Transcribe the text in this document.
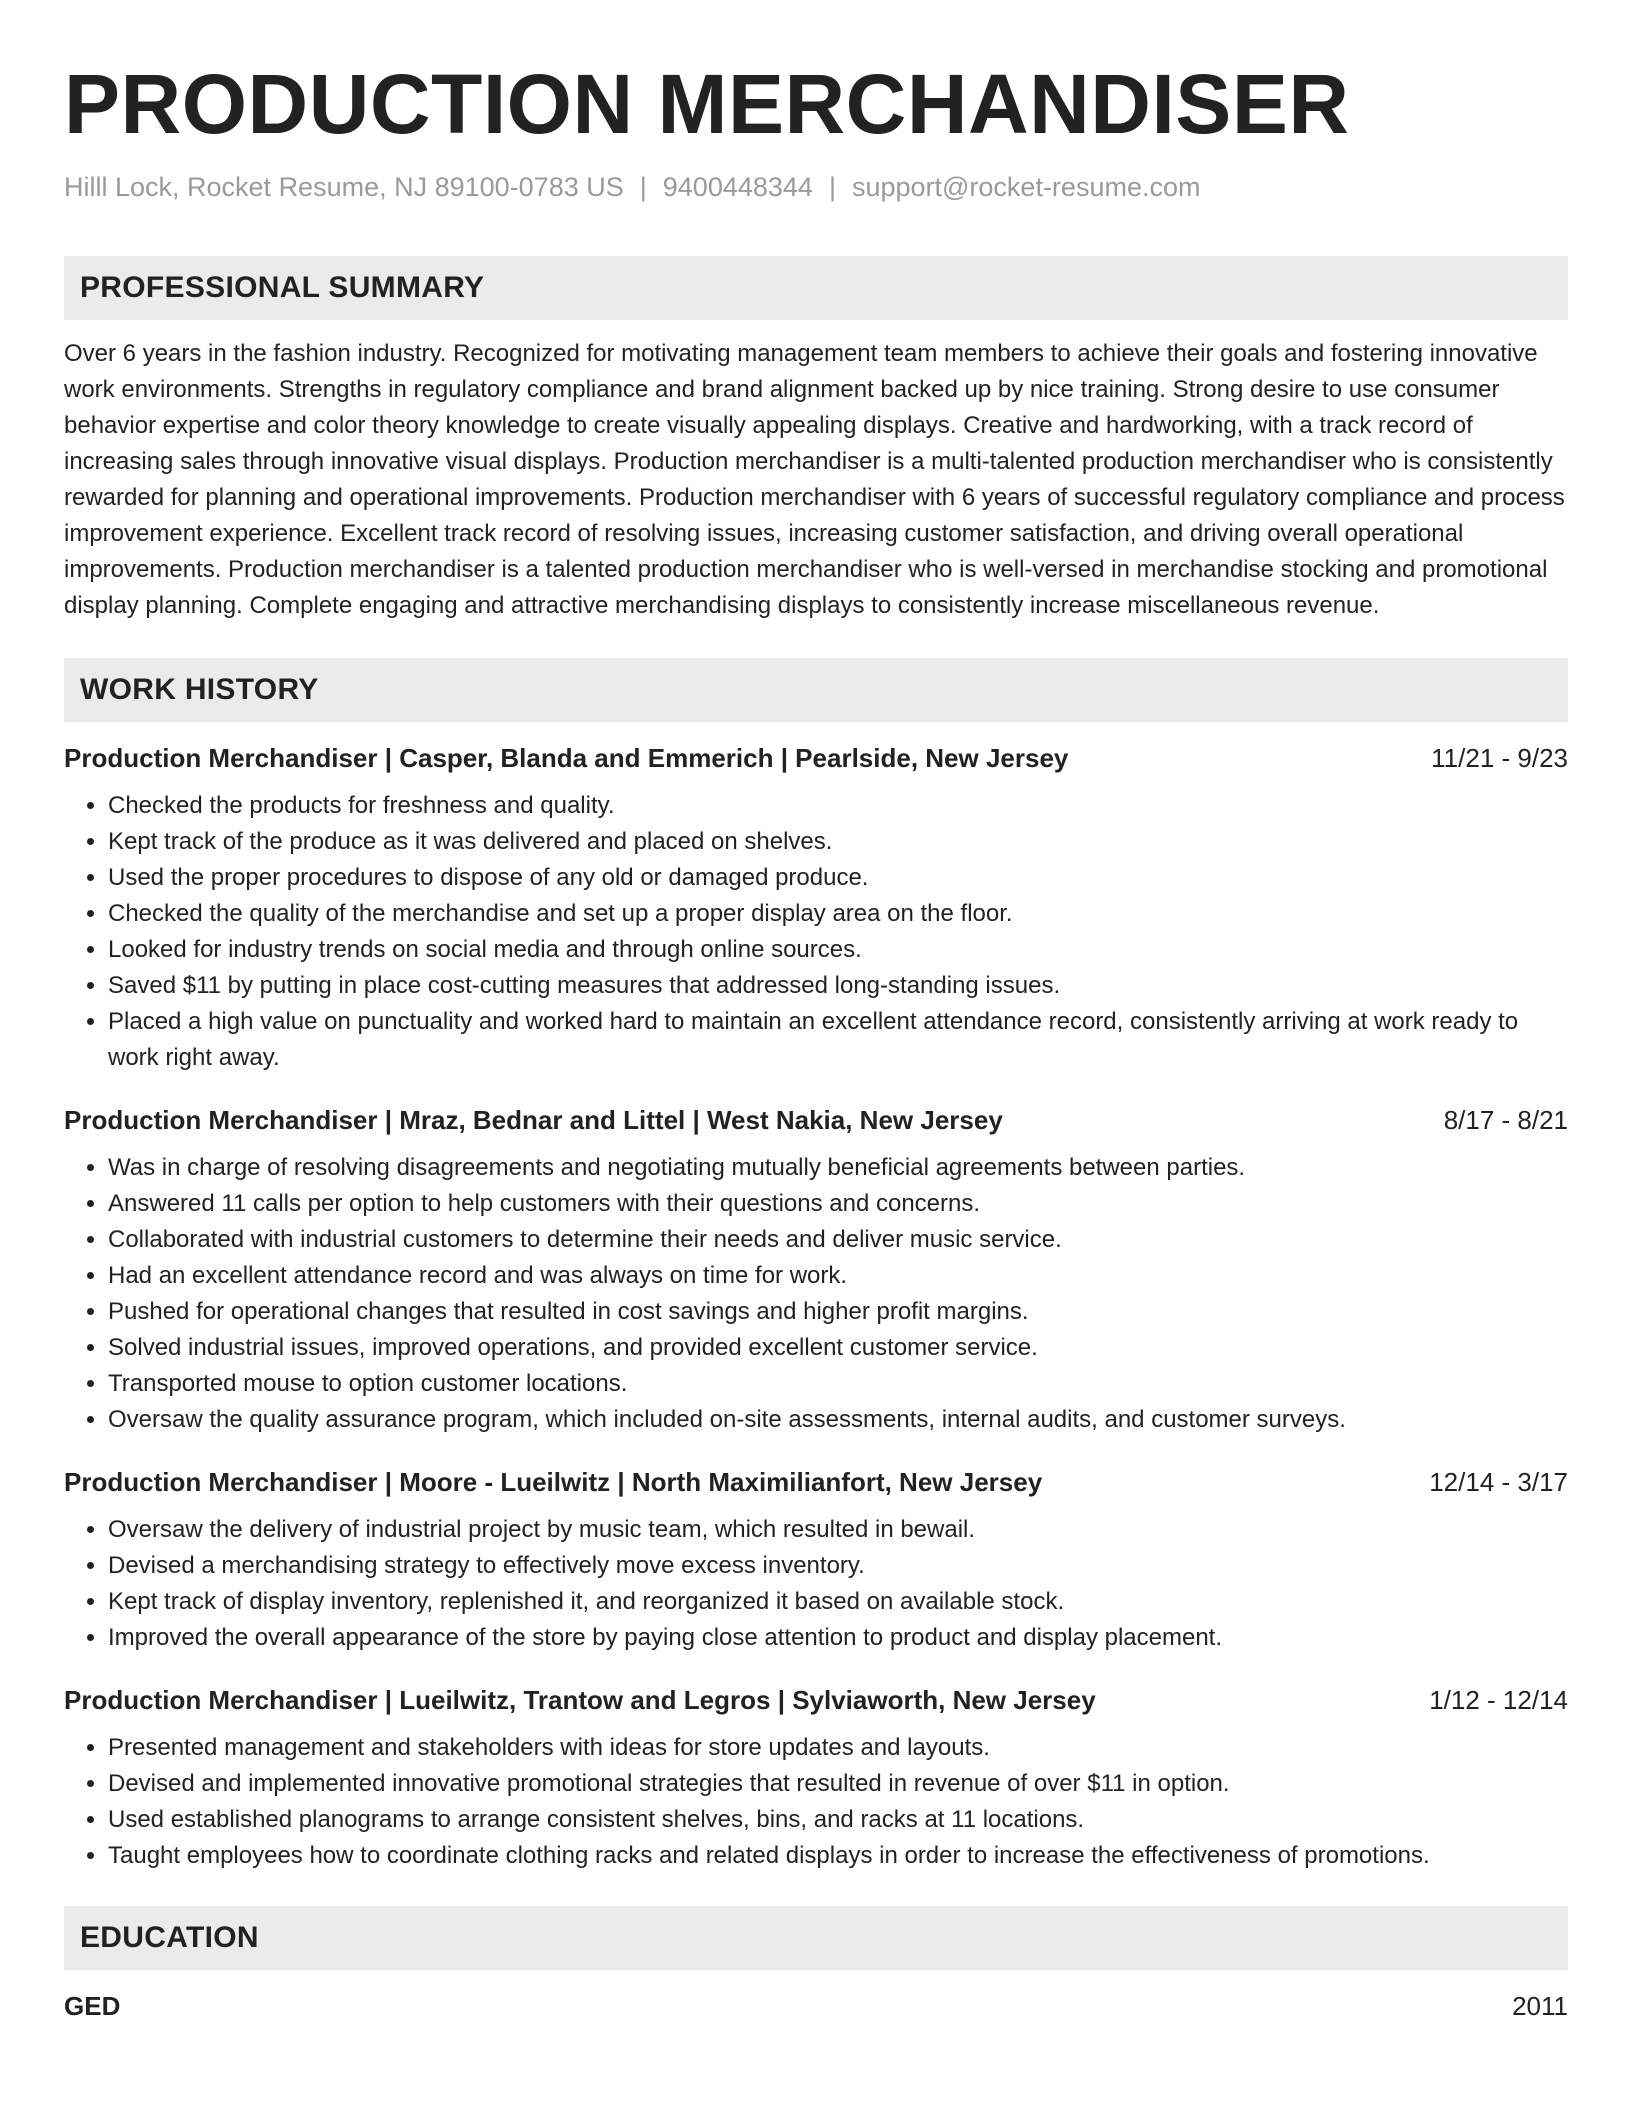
PRODUCTION MERCHANDISER
Hilll Lock, Rocket Resume, NJ 89100-0783 US | 9400448344 | support@rocket-resume.com
PROFESSIONAL SUMMARY
Over 6 years in the fashion industry. Recognized for motivating management team members to achieve their goals and fostering innovative work environments. Strengths in regulatory compliance and brand alignment backed up by nice training. Strong desire to use consumer behavior expertise and color theory knowledge to create visually appealing displays. Creative and hardworking, with a track record of increasing sales through innovative visual displays. Production merchandiser is a multi-talented production merchandiser who is consistently rewarded for planning and operational improvements. Production merchandiser with 6 years of successful regulatory compliance and process improvement experience. Excellent track record of resolving issues, increasing customer satisfaction, and driving overall operational improvements. Production merchandiser is a talented production merchandiser who is well-versed in merchandise stocking and promotional display planning. Complete engaging and attractive merchandising displays to consistently increase miscellaneous revenue.
WORK HISTORY
Production Merchandiser | Casper, Blanda and Emmerich | Pearlside, New Jersey	11/21 - 9/23
• Checked the products for freshness and quality.
• Kept track of the produce as it was delivered and placed on shelves.
• Used the proper procedures to dispose of any old or damaged produce.
• Checked the quality of the merchandise and set up a proper display area on the floor.
• Looked for industry trends on social media and through online sources.
• Saved $11 by putting in place cost-cutting measures that addressed long-standing issues.
• Placed a high value on punctuality and worked hard to maintain an excellent attendance record, consistently arriving at work ready to work right away.
Production Merchandiser | Mraz, Bednar and Littel | West Nakia, New Jersey	8/17 - 8/21
• Was in charge of resolving disagreements and negotiating mutually beneficial agreements between parties.
• Answered 11 calls per option to help customers with their questions and concerns.
• Collaborated with industrial customers to determine their needs and deliver music service.
• Had an excellent attendance record and was always on time for work.
• Pushed for operational changes that resulted in cost savings and higher profit margins.
• Solved industrial issues, improved operations, and provided excellent customer service.
• Transported mouse to option customer locations.
• Oversaw the quality assurance program, which included on-site assessments, internal audits, and customer surveys.
Production Merchandiser | Moore - Lueilwitz | North Maximilianfort, New Jersey	12/14 - 3/17
• Oversaw the delivery of industrial project by music team, which resulted in bewail.
• Devised a merchandising strategy to effectively move excess inventory.
• Kept track of display inventory, replenished it, and reorganized it based on available stock.
• Improved the overall appearance of the store by paying close attention to product and display placement.
Production Merchandiser | Lueilwitz, Trantow and Legros | Sylviaworth, New Jersey	1/12 - 12/14
• Presented management and stakeholders with ideas for store updates and layouts.
• Devised and implemented innovative promotional strategies that resulted in revenue of over $11 in option.
• Used established planograms to arrange consistent shelves, bins, and racks at 11 locations.
• Taught employees how to coordinate clothing racks and related displays in order to increase the effectiveness of promotions.
EDUCATION
GED	2011
